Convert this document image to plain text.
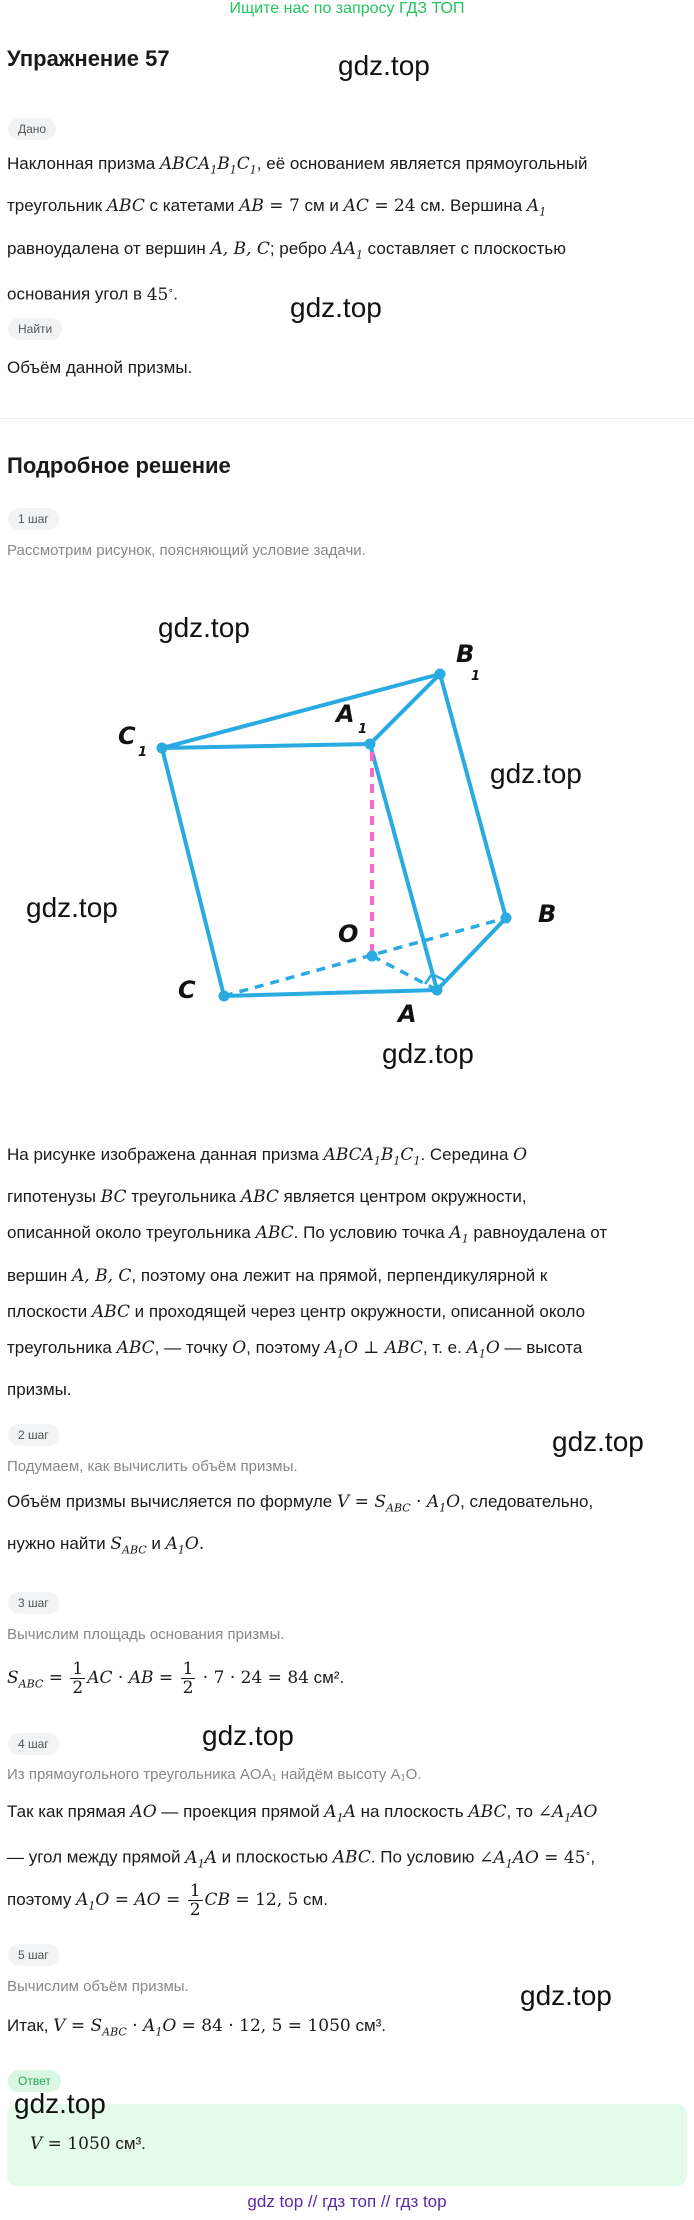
Ищите нас по запросу ГДЗ ТОП
Упражнение 57	gdz.top
Дано
Наклонная призма $ABCA_1B_1C_1$, её основанием является прямоугольный
треугольник ABC с катетами AB = 7 см и AC = 24 см. Вершина $A_1$
равноудалена от вершин A, B, C; ребро $AA_1$ составляет с плоскостью
основания угол в 45∘.	gdz.top
Найти
Объём данной призмы.
Подробное решение
1 шаг
Рассмотрим рисунок, поясняющий условие задачи.
gdz.top
gdz.top
gdz.top
gdz.top
B
1
A
1
C
1
O
B
A
C
На рисунке изображена данная призма $ABCA_1B_1C_1$. Середина O
гипотенузы BC треугольника ABC является центром окружности,
описанной около треугольника ABC. По условию точка $A_1$ равноудалена от
вершин A, B, C, поэтому она лежит на прямой, перпендикулярной к
плоскости ABC и проходящей через центр окружности, описанной около
треугольника ABC, — точку O, поэтому $A_1O$ ⊥ ABC, т. е. $A_1O$ — высота
призмы.
2 шаг	gdz.top
Подумаем, как вычислить объём призмы.
Объём призмы вычисляется по формуле $V = S_{ABC} \cdot A_1O$, следовательно,
нужно найти $S_{ABC}$ и $A_1O$.
3 шаг
Вычислим площадь основания призмы.
$S_{ABC} = \frac{1}{2}$ AC · AB = $\frac{1}{2} \cdot 7 \cdot 24 = 84$ см².
4 шаг	gdz.top
Из прямоугольного треугольника AOA₁ найдём высоту A₁O.
Так как прямая AO — проекция прямой $A_1A$ на плоскость ABC, то $\angle A_1AO$
— угол между прямой $A_1A$ и плоскостью ABC. По условию $\angle A_1AO = 45^\circ$,
поэтому $A_1O$ = AO = $\frac{1}{2}$ CB = 12, 5 см.
5 шаг
gdz.top
Вычислим объём призмы.
Итак, $V = S_{ABC} \cdot A_1O = 84 \cdot 12$, 5 = 1050 см³.
Ответ
gdz.top
V = 1050 см³.
gdz top // гдз топ // гдз top
